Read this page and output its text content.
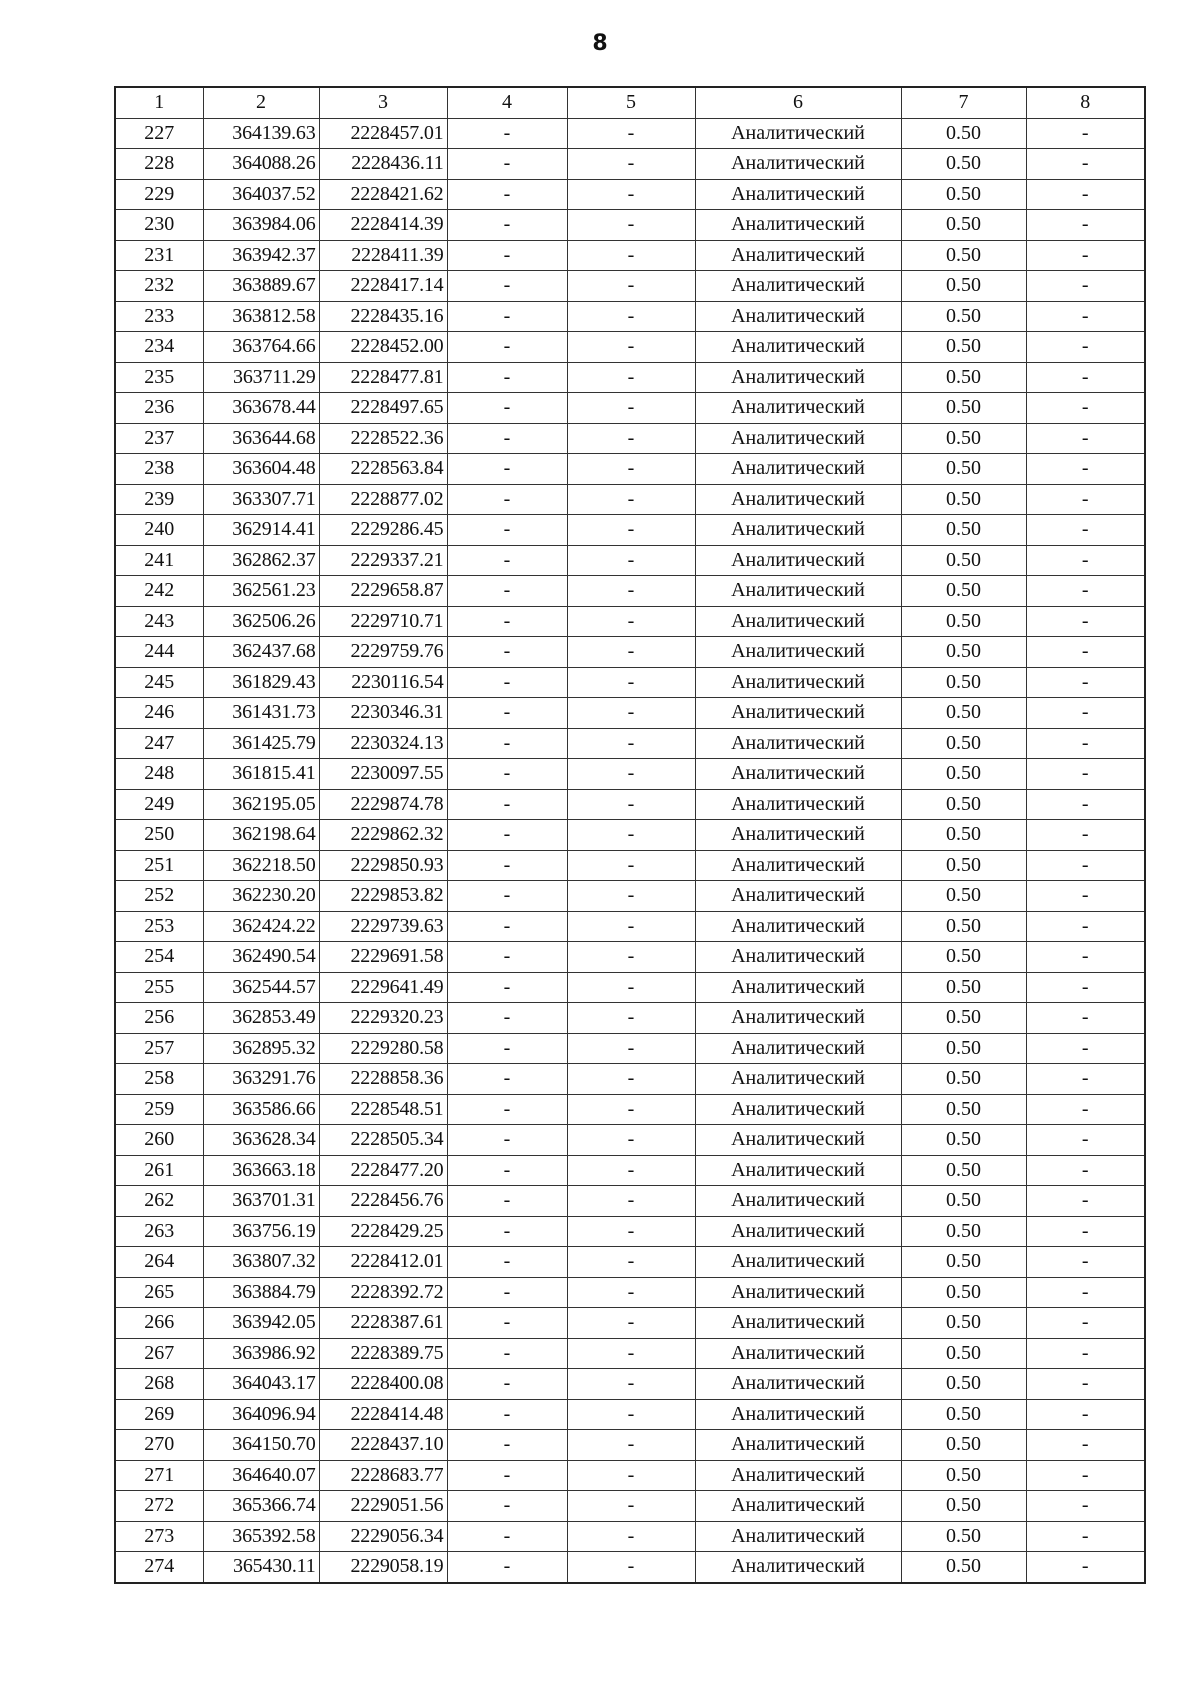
8
1	2	3	4	5	6	7	8
227	364139.63	2228457.01	-	-	Аналитический	0.50	-
228	364088.26	2228436.11	-	-	Аналитический	0.50	-
229	364037.52	2228421.62	-	-	Аналитический	0.50	-
230	363984.06	2228414.39	-	-	Аналитический	0.50	-
231	363942.37	2228411.39	-	-	Аналитический	0.50	-
232	363889.67	2228417.14	-	-	Аналитический	0.50	-
233	363812.58	2228435.16	-	-	Аналитический	0.50	-
234	363764.66	2228452.00	-	-	Аналитический	0.50	-
235	363711.29	2228477.81	-	-	Аналитический	0.50	-
236	363678.44	2228497.65	-	-	Аналитический	0.50	-
237	363644.68	2228522.36	-	-	Аналитический	0.50	-
238	363604.48	2228563.84	-	-	Аналитический	0.50	-
239	363307.71	2228877.02	-	-	Аналитический	0.50	-
240	362914.41	2229286.45	-	-	Аналитический	0.50	-
241	362862.37	2229337.21	-	-	Аналитический	0.50	-
242	362561.23	2229658.87	-	-	Аналитический	0.50	-
243	362506.26	2229710.71	-	-	Аналитический	0.50	-
244	362437.68	2229759.76	-	-	Аналитический	0.50	-
245	361829.43	2230116.54	-	-	Аналитический	0.50	-
246	361431.73	2230346.31	-	-	Аналитический	0.50	-
247	361425.79	2230324.13	-	-	Аналитический	0.50	-
248	361815.41	2230097.55	-	-	Аналитический	0.50	-
249	362195.05	2229874.78	-	-	Аналитический	0.50	-
250	362198.64	2229862.32	-	-	Аналитический	0.50	-
251	362218.50	2229850.93	-	-	Аналитический	0.50	-
252	362230.20	2229853.82	-	-	Аналитический	0.50	-
253	362424.22	2229739.63	-	-	Аналитический	0.50	-
254	362490.54	2229691.58	-	-	Аналитический	0.50	-
255	362544.57	2229641.49	-	-	Аналитический	0.50	-
256	362853.49	2229320.23	-	-	Аналитический	0.50	-
257	362895.32	2229280.58	-	-	Аналитический	0.50	-
258	363291.76	2228858.36	-	-	Аналитический	0.50	-
259	363586.66	2228548.51	-	-	Аналитический	0.50	-
260	363628.34	2228505.34	-	-	Аналитический	0.50	-
261	363663.18	2228477.20	-	-	Аналитический	0.50	-
262	363701.31	2228456.76	-	-	Аналитический	0.50	-
263	363756.19	2228429.25	-	-	Аналитический	0.50	-
264	363807.32	2228412.01	-	-	Аналитический	0.50	-
265	363884.79	2228392.72	-	-	Аналитический	0.50	-
266	363942.05	2228387.61	-	-	Аналитический	0.50	-
267	363986.92	2228389.75	-	-	Аналитический	0.50	-
268	364043.17	2228400.08	-	-	Аналитический	0.50	-
269	364096.94	2228414.48	-	-	Аналитический	0.50	-
270	364150.70	2228437.10	-	-	Аналитический	0.50	-
271	364640.07	2228683.77	-	-	Аналитический	0.50	-
272	365366.74	2229051.56	-	-	Аналитический	0.50	-
273	365392.58	2229056.34	-	-	Аналитический	0.50	-
274	365430.11	2229058.19	-	-	Аналитический	0.50	-
